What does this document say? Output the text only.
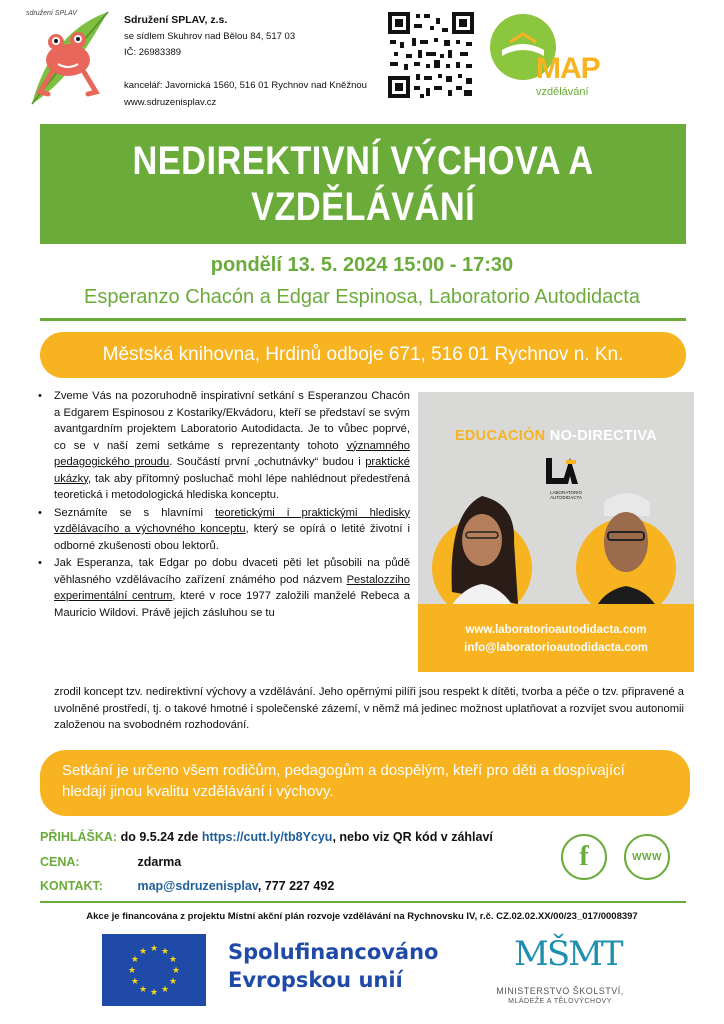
sdružení SPLAV
Sdružení SPLAV, z.s.
se sídlem Skuhrov nad Bělou 84, 517 03
IČ: 26983389
kancelář: Javornická 1560, 516 01 Rychnov nad Kněžnou
www.sdruzenisplav.cz
MAP
vzdělávání
NEDIREKTIVNÍ VÝCHOVA A
VZDĚLÁVÁNÍ
pondělí 13. 5. 2024 15:00 - 17:30
Esperanzo Chacón a Edgar Espinosa, Laboratorio Autodidacta
Městská knihovna, Hrdinů odboje 671, 516 01 Rychnov n. Kn.
• Zveme Vás na pozoruhodně inspirativní setkání s Esperanzou Chacón a Edgarem Espinosou z Kostariky/Ekvádoru, kteří se představí se svým avantgardním projektem Laboratorio Autodidacta. Je to vůbec poprvé, co se v naší zemi setkáme s reprezentanty tohoto významného pedagogického proudu. Součástí první „ochutnávky“ budou i praktické ukázky, tak aby přítomný posluchač mohl lépe nahlédnout předestřená teoretická i metodologická hlediska konceptu.
• Seznámíte se s hlavními teoretickými i praktickými hledisky vzdělávacího a výchovného konceptu, který se opírá o letité životní i odborné zkušenosti obou lektorů.
• Jak Esperanza, tak Edgar po dobu dvaceti pěti let působili na půdě věhlasného vzdělávacího zařízení známého pod názvem Pestalozziho experimentální centrum, které v roce 1977 založili manželé Rebeca a Mauricio Wildovi. Právě jejich zásluhou se tu
zrodil koncept tzv. nedirektivní výchovy a vzdělávání. Jeho opěrnými pilíři jsou respekt k dítěti, tvorba a péče o tzv. připravené a uvolněné prostředí, tj. o takové hmotné i společenské zázemí, v němž má jedinec možnost uplatňovat a rozvíjet svou autonomii založenou na svobodném rozhodování.
EDUCACIÓN NO-DIRECTIVA
LABORATORIO AUTODIDACTA
www.laboratorioautodidacta.com
info@laboratorioautodidacta.com
Setkání je určeno všem rodičům, pedagogům a dospělým, kteří pro děti a dospívající hledají jinou kvalitu vzdělávání i výchovy.
PŘIHLÁŠKA: do 9.5.24 zde https://cutt.ly/tb8Ycyu, nebo viz QR kód v záhlaví
CENA:	zdarma
KONTAKT:	map@sdruzenisplav, 777 227 492
f	WWW
Akce je financována z projektu Místní akční plán rozvoje vzdělávání na Rychnovsku IV, r.č. CZ.02.02.XX/00/23_017/0008397
★
★
★
★
★
★
★
★
★ ★ ★
★ Spolufinancováno
Evropskou unií
MŠMT
MINISTERSTVO ŠKOLSTVÍ,
MLÁDEŽE A TĚLOVÝCHOVY
